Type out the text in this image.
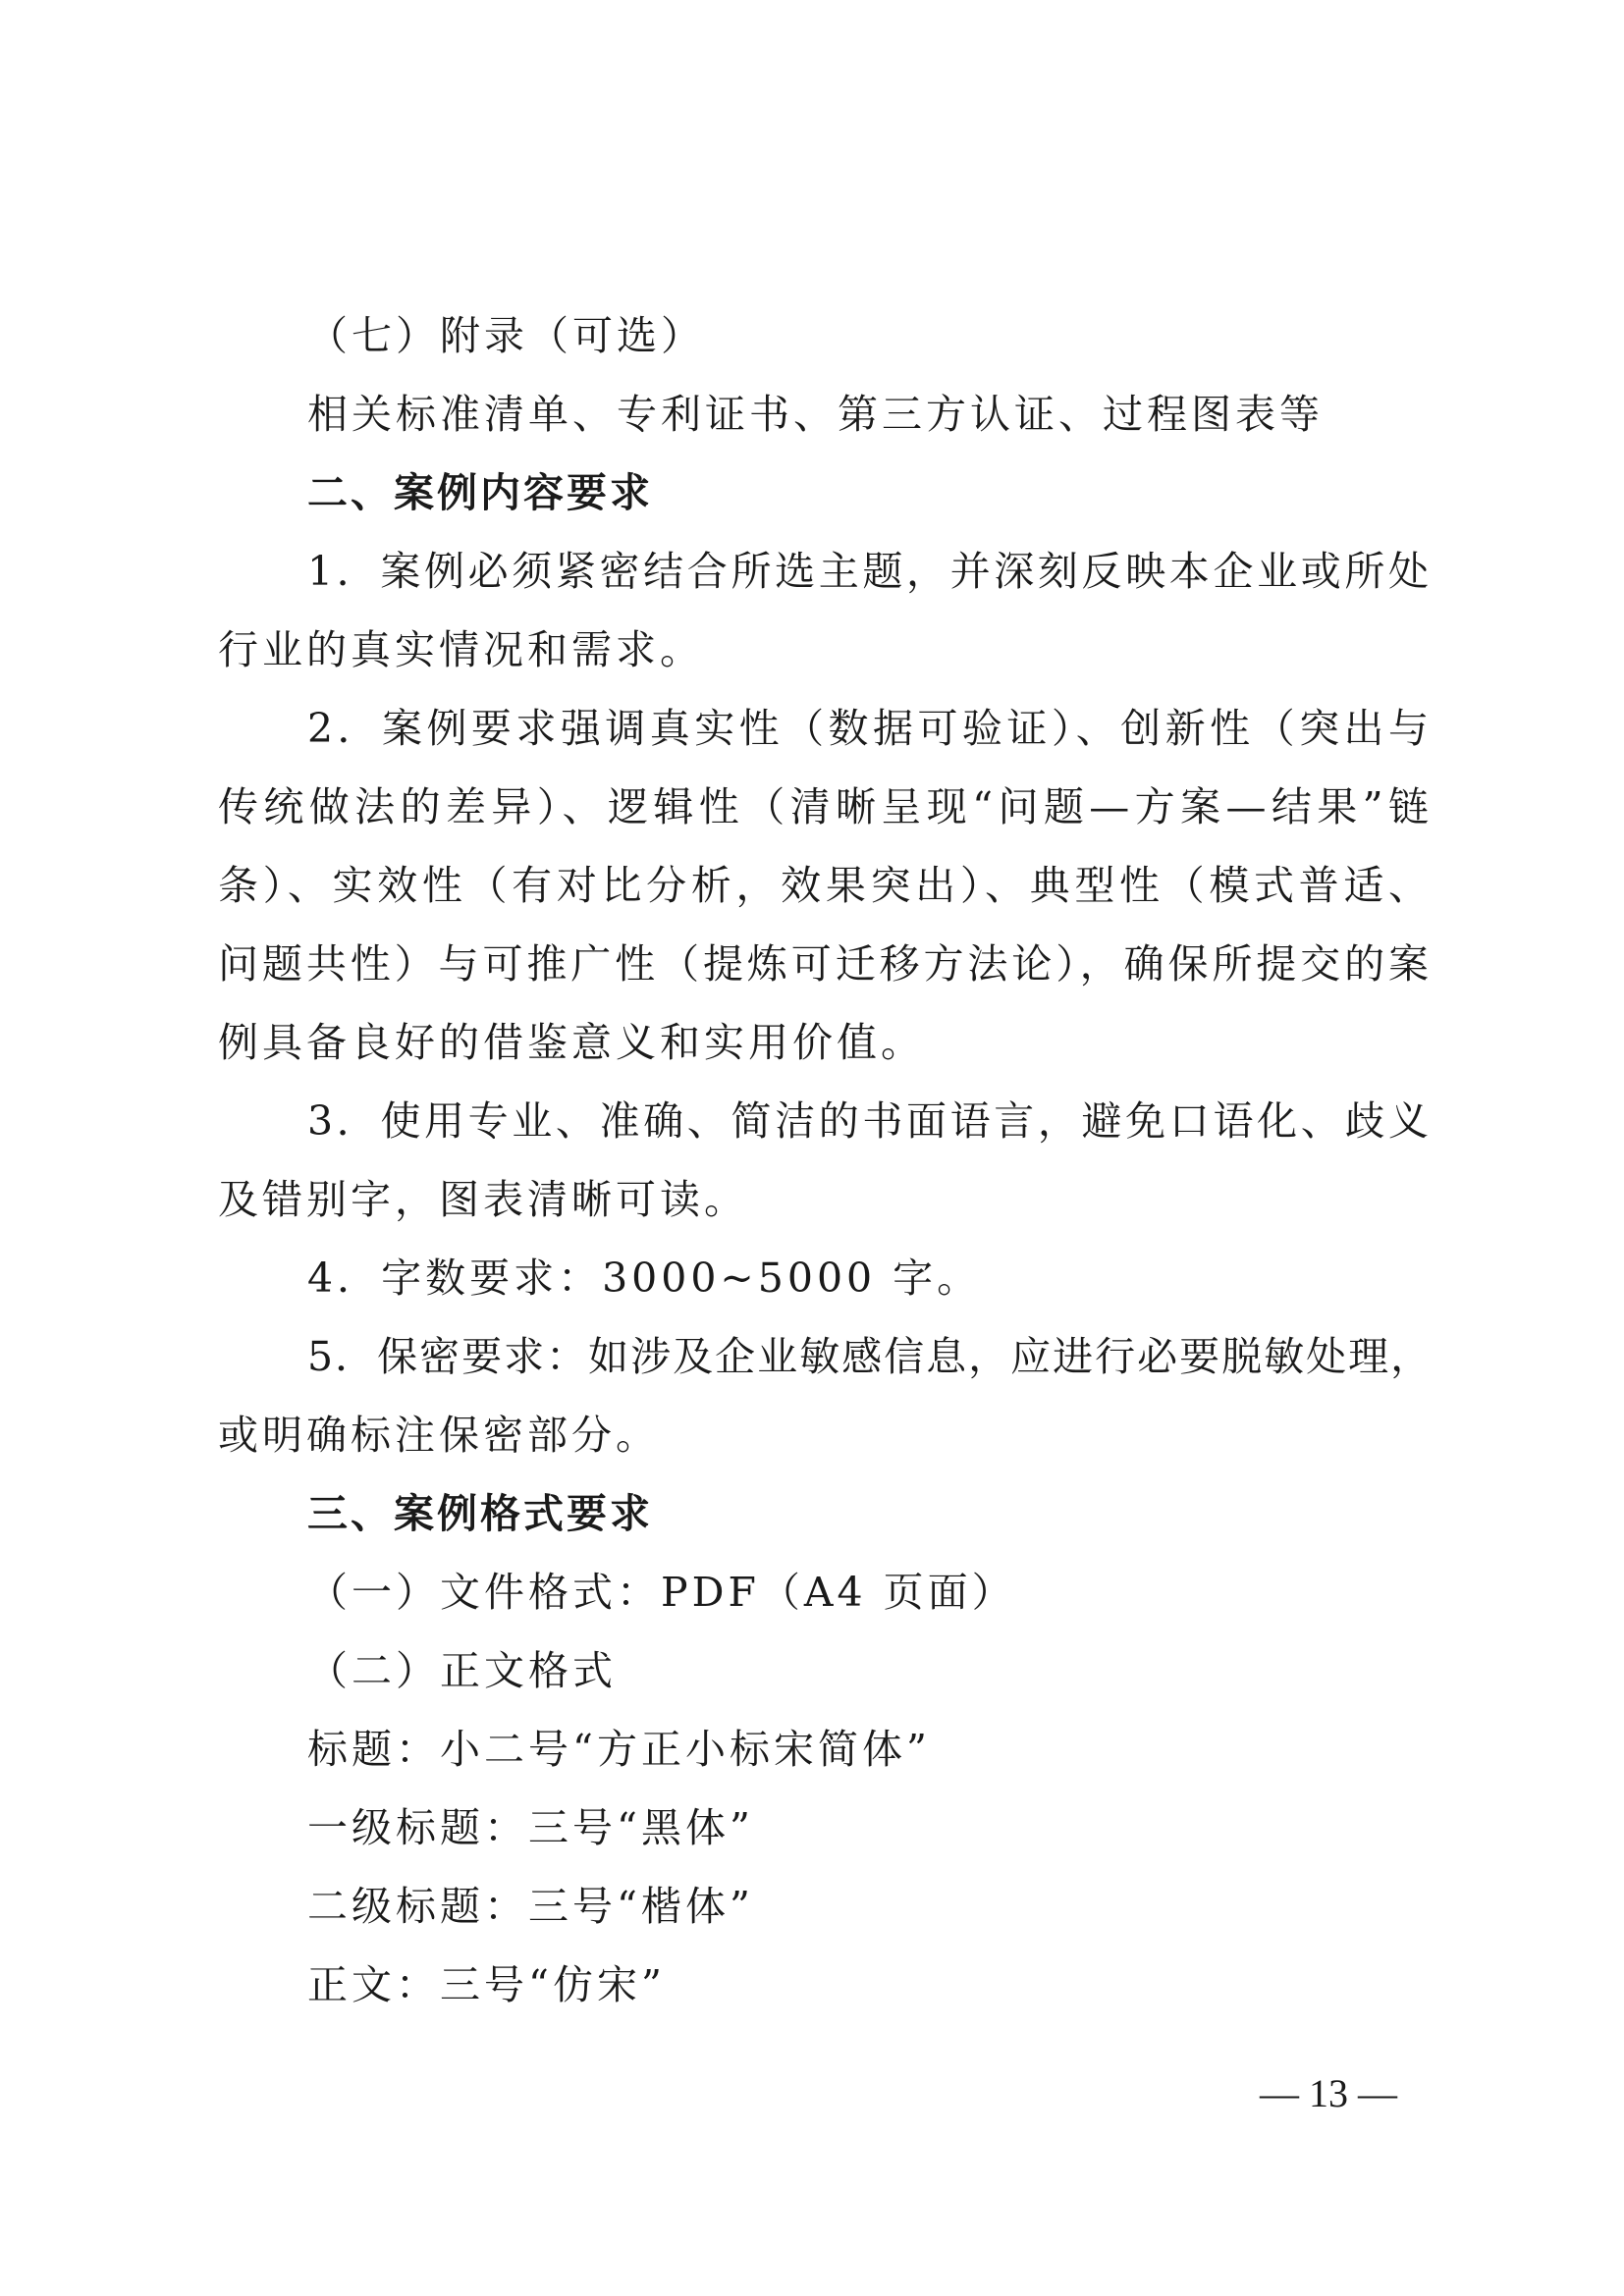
（七）附录（可选）
相关标准清单、专利证书、第三方认证、过程图表等
二、案例内容要求
1．案例必须紧密结合所选主题，并深刻反映本企业或所处
行业的真实情况和需求。
2．案例要求强调真实性（数据可验证）、创新性（突出与
传统做法的差异）、逻辑性（清晰呈现“问题—方案—结果”链
条）、实效性（有对比分析，效果突出）、典型性（模式普适、
问题共性）与可推广性（提炼可迁移方法论），确保所提交的案
例具备良好的借鉴意义和实用价值。
3．使用专业、准确、简洁的书面语言，避免口语化、歧义
及错别字，图表清晰可读。
4．字数要求：3000~5000 字。
5．保密要求：如涉及企业敏感信息，应进行必要脱敏处理，
或明确标注保密部分。
三、案例格式要求
（一）文件格式：PDF（A4 页面）
（二）正文格式
标题：小二号“方正小标宋简体”
一级标题：三号“黑体”
二级标题：三号“楷体”
正文：三号“仿宋”
— 13 —
